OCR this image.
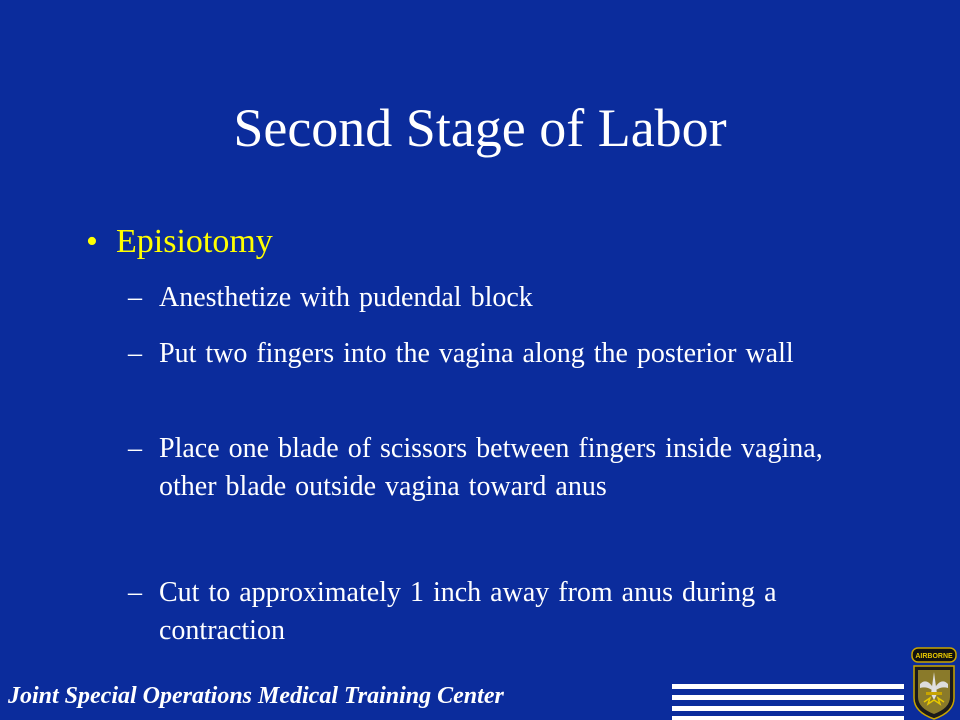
Second Stage of Labor
• Episiotomy
– Anesthetize with pudendal block
– Put two fingers into the vagina along the posterior wall
– Place one blade of scissors between fingers inside vagina, other blade outside vagina toward anus
– Cut to approximately 1 inch away from anus during a contraction
Joint Special Operations Medical Training Center
AIRBORNE
